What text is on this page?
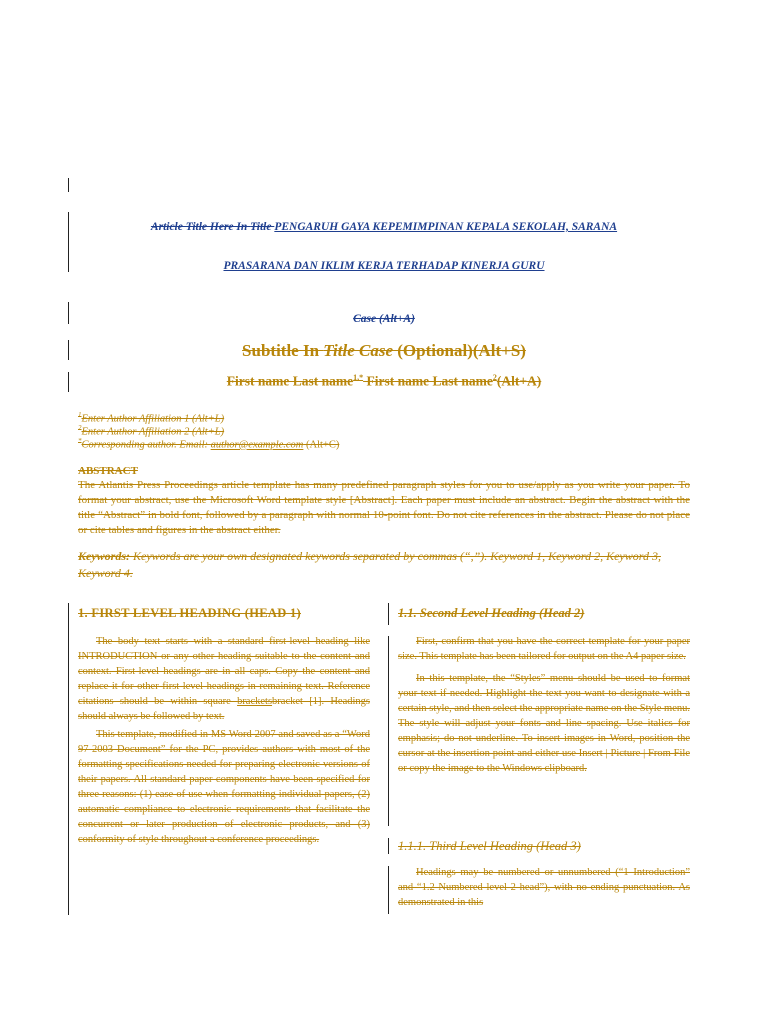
Article Title Here In Title PENGARUH GAYA KEPEMIMPINAN KEPALA SEKOLAH, SARANA
PRASARANA DAN IKLIM KERJA TERHADAP KINERJA GURU
Case (Alt+A)
Subtitle In Title Case (Optional)(Alt+S)
First name Last name$^{1,*}$ First name Last name$^2$(Alt+A)
$^1$Enter Author Affiliation 1 (Alt+L)
$^2$Enter Author Affiliation 2 (Alt+L)
*Corresponding author. Email: author@example.com (Alt+C)
ABSTRACT
The Atlantis Press Proceedings article template has many predefined paragraph styles for you to use/apply as you write your paper. To format your abstract, use the Microsoft Word template style [Abstract]. Each paper must include an abstract. Begin the abstract with the title “Abstract” in bold font, followed by a paragraph with normal 10-point font. Do not cite references in the abstract. Please do not place or cite tables and figures in the abstract either.
Keywords: Keywords are your own designated keywords separated by commas (“,”). Keyword 1, Keyword 2, Keyword 3, Keyword 4.
1. FIRST LEVEL HEADING (HEAD 1)

The body text starts with a standard first-level heading like INTRODUCTION or any other heading suitable to the content and context. First-level headings are in all caps. Copy the content and replace it for other first-level headings in remaining text. Reference citations should be within square bracketsbracket [1]. Headings should always be followed by text.

This template, modified in MS Word 2007 and saved as a “Word 97-2003 Document” for the PC, provides authors with most of the formatting specifications needed for preparing electronic versions of their papers. All standard paper components have been specified for three reasons: (1) ease of use when formatting individual papers, (2) automatic compliance to electronic requirements that facilitate the concurrent or later production of electronic products, and (3) conformity of style throughout a conference proceedings.

1.1. Second Level Heading (Head 2)

First, confirm that you have the correct template for your paper size. This template has been tailored for output on the A4 paper size.

In this template, the “Styles” menu should be used to format your text if needed. Highlight the text you want to designate with a certain style, and then select the appropriate name on the Style menu. The style will adjust your fonts and line spacing. Use italics for emphasis; do not underline. To insert images in Word, position the cursor at the insertion point and either use Insert | Picture | From File or copy the image to the Windows clipboard.

1.1.1. Third Level Heading (Head 3)

Headings may be numbered or unnumbered (“1 Introduction” and “1.2 Numbered level 2 head”), with no ending punctuation. As demonstrated in this
